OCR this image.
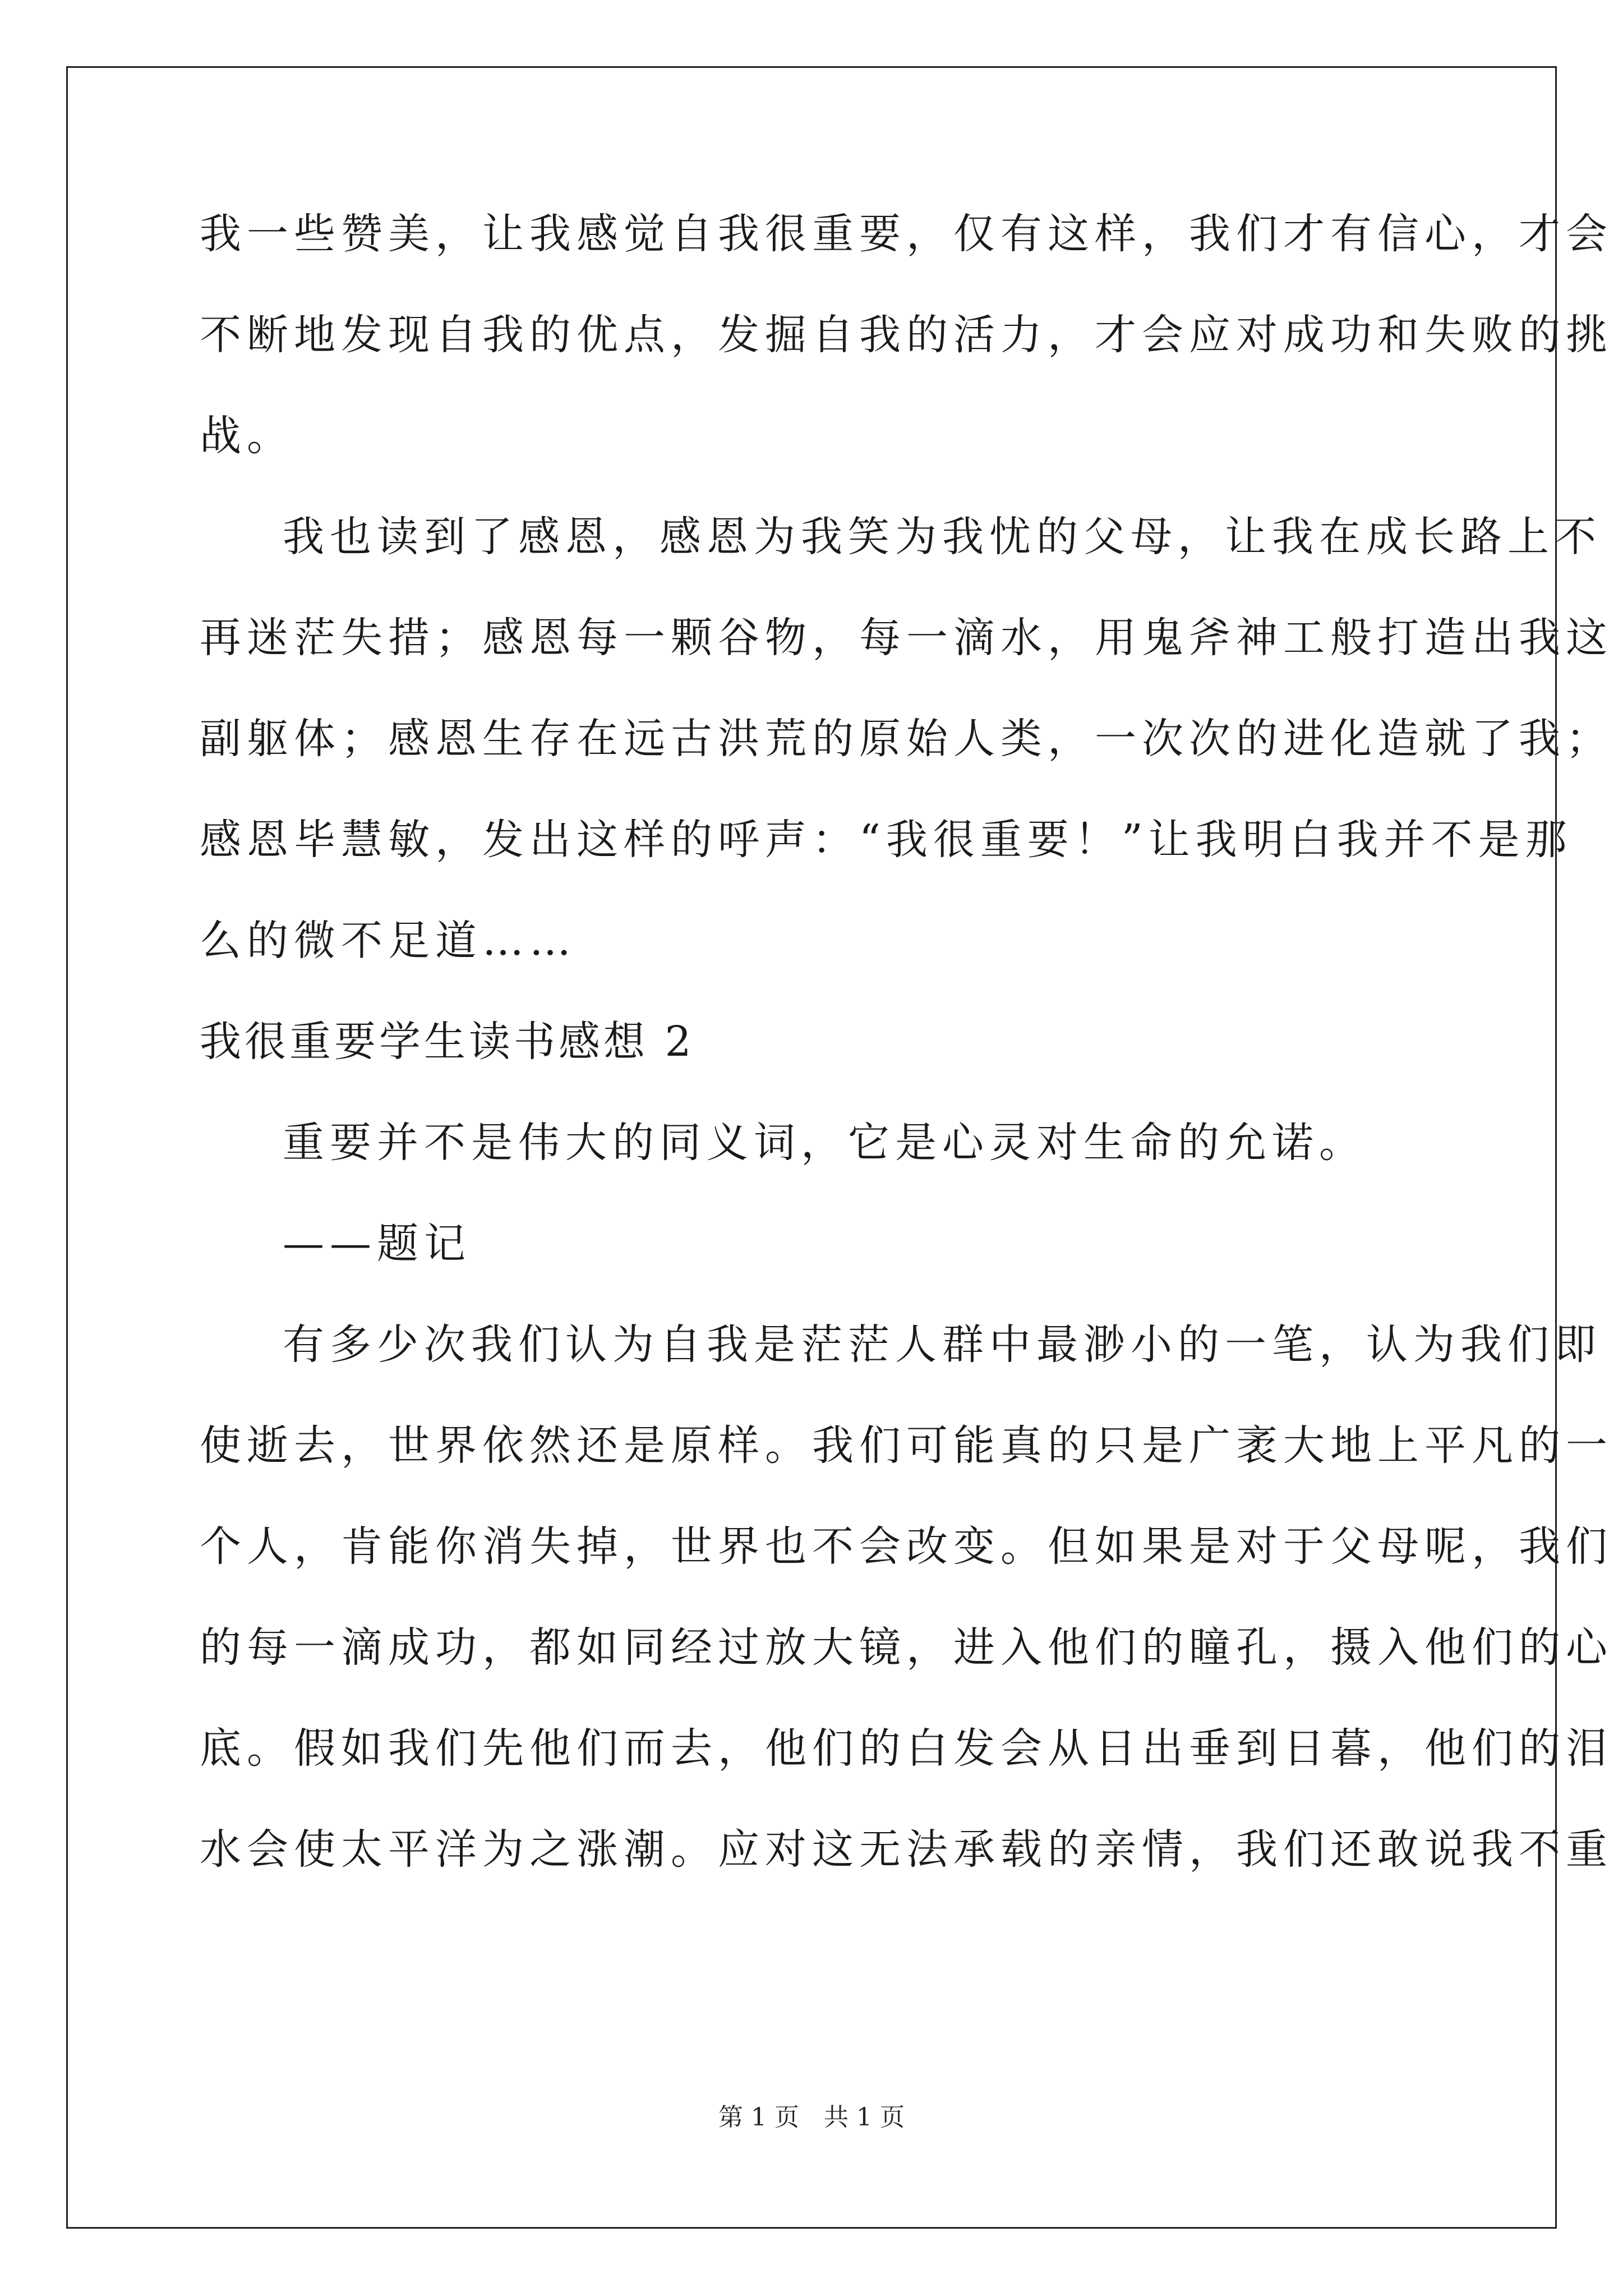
我一些赞美，让我感觉自我很重要，仅有这样，我们才有信心，才会
不断地发现自我的优点，发掘自我的活力，才会应对成功和失败的挑
战。
我也读到了感恩，感恩为我笑为我忧的父母，让我在成长路上不
再迷茫失措；感恩每一颗谷物，每一滴水，用鬼斧神工般打造出我这
副躯体；感恩生存在远古洪荒的原始人类，一次次的进化造就了我；
感恩毕慧敏，发出这样的呼声：“我很重要！”让我明白我并不是那
么的微不足道……
我很重要学生读书感想 2
重要并不是伟大的同义词，它是心灵对生命的允诺。
——题记
有多少次我们认为自我是茫茫人群中最渺小的一笔，认为我们即
使逝去，世界依然还是原样。我们可能真的只是广袤大地上平凡的一
个人，肯能你消失掉，世界也不会改变。但如果是对于父母呢，我们
的每一滴成功，都如同经过放大镜，进入他们的瞳孔，摄入他们的心
底。假如我们先他们而去，他们的白发会从日出垂到日暮，他们的泪
水会使太平洋为之涨潮。应对这无法承载的亲情，我们还敢说我不重
第 1 页 共 1 页
